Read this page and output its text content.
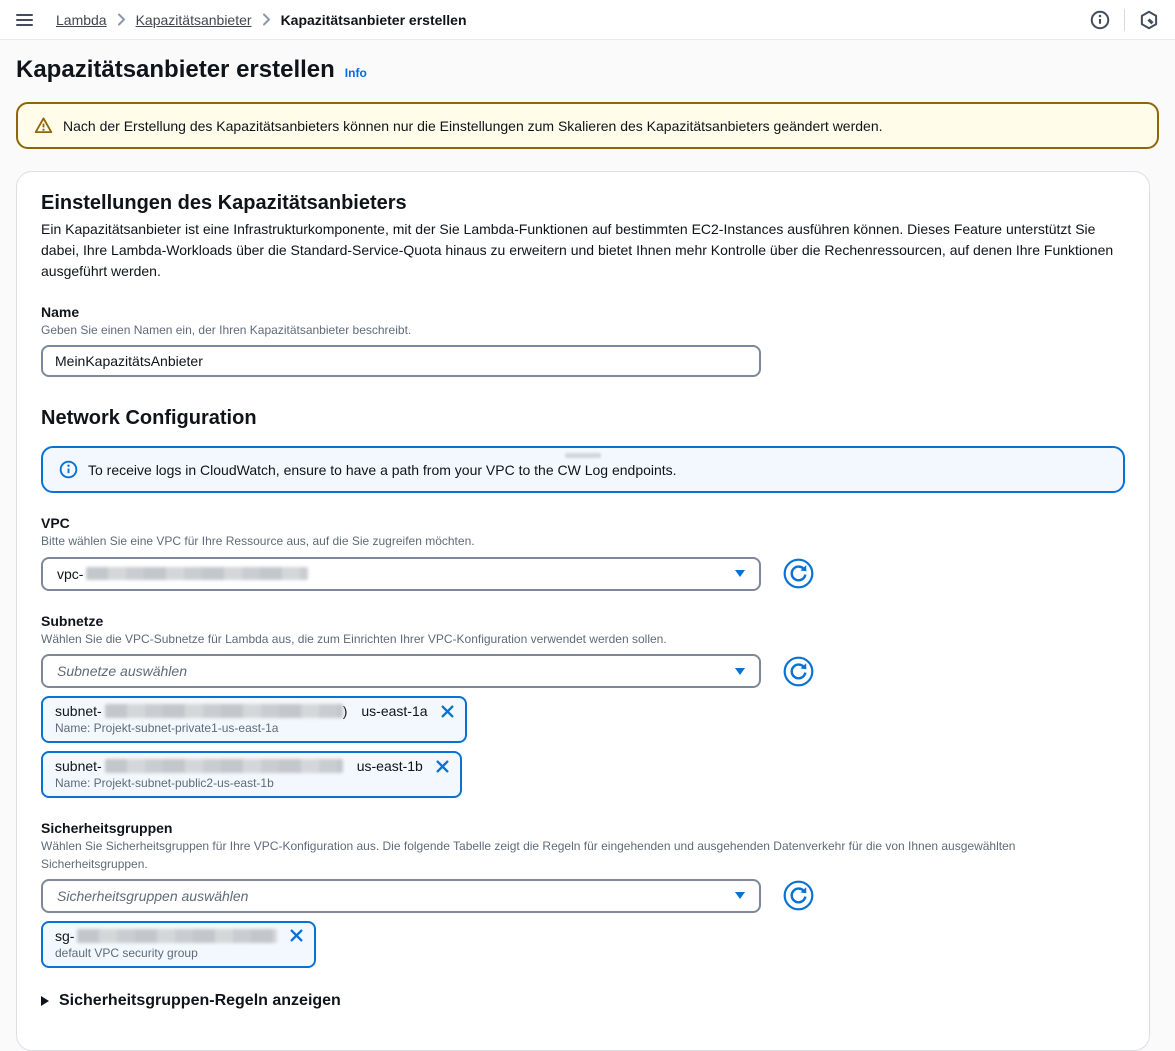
Lambda Kapazitätsanbieter Kapazitätsanbieter erstellen
Kapazitätsanbieter erstellen Info
Nach der Erstellung des Kapazitätsanbieters können nur die Einstellungen zum Skalieren des Kapazitätsanbieters geändert werden.
Einstellungen des Kapazitätsanbieters

Ein Kapazitätsanbieter ist eine Infrastrukturkomponente, mit der Sie Lambda-Funktionen auf bestimmten EC2-Instances ausführen können. Dieses Feature unterstützt Sie dabei, Ihre Lambda-Workloads über die Standard-Service-Quota hinaus zu erweitern und bietet Ihnen mehr Kontrolle über die Rechenressourcen, auf denen Ihre Funktionen ausgeführt werden.

Name
Geben Sie einen Namen ein, der Ihren Kapazitätsanbieter beschreibt.
MeinKapazitätsAnbieter
Network Configuration
To receive logs in CloudWatch, ensure to have a path from your VPC to the CW Log endpoints.
VPC
Bitte wählen Sie eine VPC für Ihre Ressource aus, auf die Sie zugreifen möchten.
vpc-
Subnetze
Wählen Sie die VPC-Subnetze für Lambda aus, die zum Einrichten Ihrer VPC-Konfiguration verwendet werden sollen.
Subnetze auswählen
subnet-	) us-east-1a
Name: Projekt-subnet-private1-us-east-1a
subnet-	us-east-1b
Name: Projekt-subnet-public2-us-east-1b
Sicherheitsgruppen
Wählen Sie Sicherheitsgruppen für Ihre VPC-Konfiguration aus. Die folgende Tabelle zeigt die Regeln für eingehenden und ausgehenden Datenverkehr für die von Ihnen ausgewählten Sicherheitsgruppen.
Sicherheitsgruppen auswählen
sg-
default VPC security group
Sicherheitsgruppen-Regeln anzeigen
